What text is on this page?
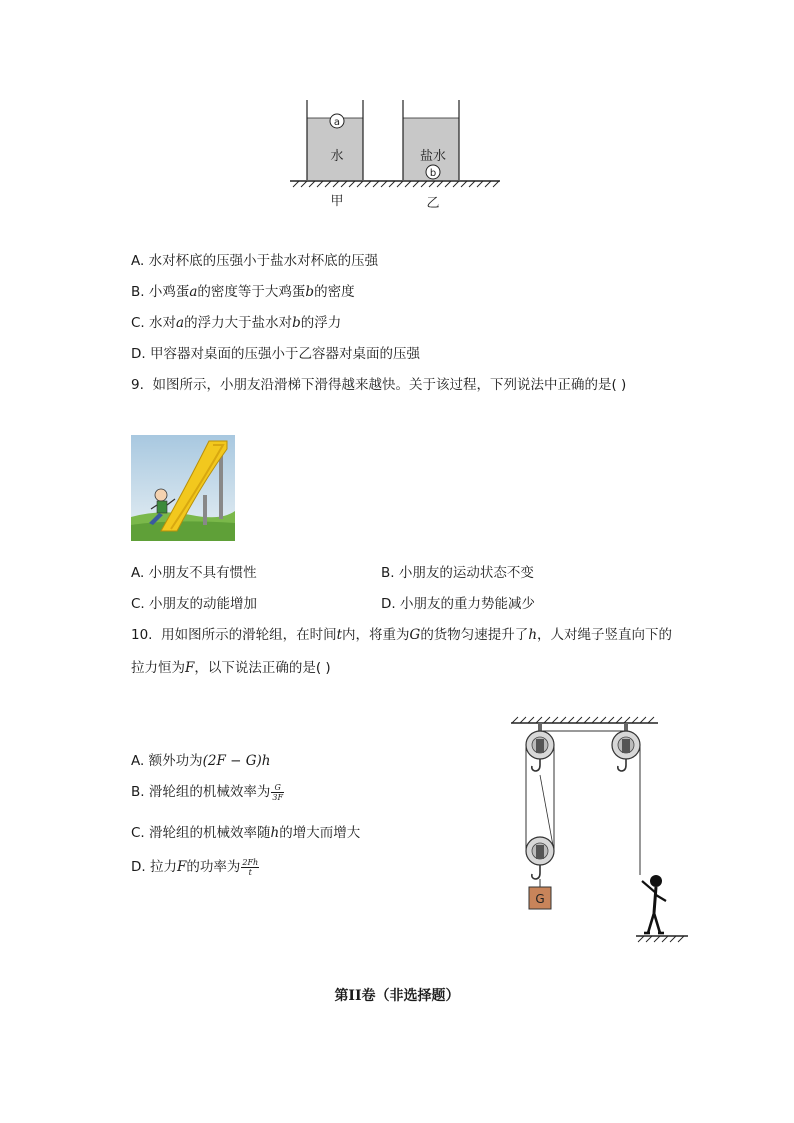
a
水	盐水
b
甲	乙
A. 水对杯底的压强小于盐水对杯底的压强
B. 小鸡蛋a的密度等于大鸡蛋b的密度
C. 水对a的浮力大于盐水对b的浮力
D. 甲容器对桌面的压强小于乙容器对桌面的压强
9. 如图所示，小朋友沿滑梯下滑得越来越快。关于该过程，下列说法中正确的是( )
A. 小朋友不具有惯性	B. 小朋友的运动状态不变
C. 小朋友的动能增加	D. 小朋友的重力势能减少
10. 用如图所示的滑轮组，在时间t内，将重为G的货物匀速提升了h，人对绳子竖直向下的
拉力恒为F，以下说法正确的是( )
A. 额外功为(2F − G)h
B. 滑轮组的机械效率为 $\frac{G}{3F}$
C. 滑轮组的机械效率随h的增大而增大
D. 拉力F的功率为 $\frac{2Fh}{t}$
G
第II卷（非选择题）
